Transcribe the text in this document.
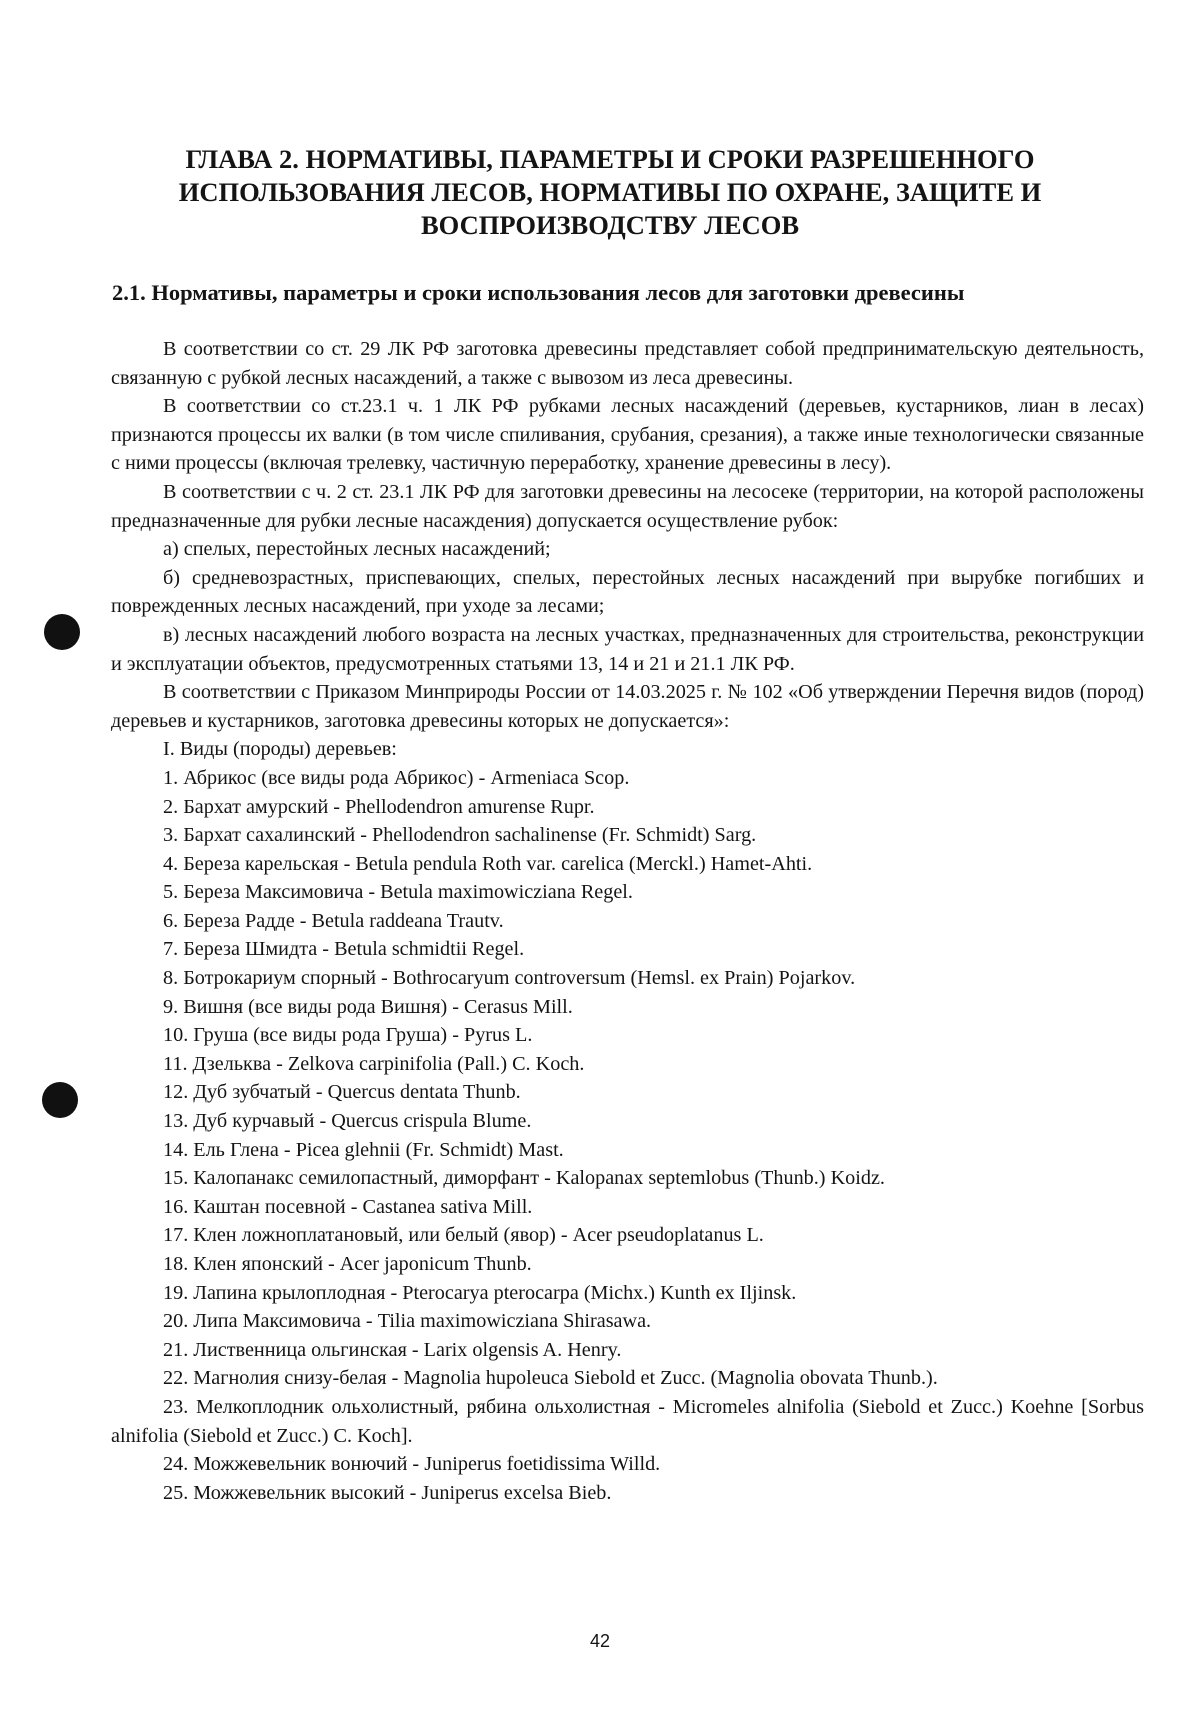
ГЛАВА 2. НОРМАТИВЫ, ПАРАМЕТРЫ И СРОКИ РАЗРЕШЕННОГО
ИСПОЛЬЗОВАНИЯ ЛЕСОВ, НОРМАТИВЫ ПО ОХРАНЕ, ЗАЩИТЕ И
ВОСПРОИЗВОДСТВУ ЛЕСОВ
2.1. Нормативы, параметры и сроки использования лесов для заготовки древесины

В соответствии со ст. 29 ЛК РФ заготовка древесины представляет собой предпринимательскую деятельность, связанную с рубкой лесных насаждений, а также с вывозом из леса древесины.

В соответствии со ст.23.1 ч. 1 ЛК РФ рубками лесных насаждений (деревьев, кустарников, лиан в лесах) признаются процессы их валки (в том числе спиливания, срубания, срезания), а также иные технологически связанные с ними процессы (включая трелевку, частичную переработку, хранение древесины в лесу).

В соответствии с ч. 2 ст. 23.1 ЛК РФ для заготовки древесины на лесосеке (территории, на которой расположены предназначенные для рубки лесные насаждения) допускается осуществление рубок:

а) спелых, перестойных лесных насаждений;

б) средневозрастных, приспевающих, спелых, перестойных лесных насаждений при вырубке погибших и поврежденных лесных насаждений, при уходе за лесами;

в) лесных насаждений любого возраста на лесных участках, предназначенных для строительства, реконструкции и эксплуатации объектов, предусмотренных статьями 13, 14 и 21 и 21.1 ЛК РФ.

В соответствии с Приказом Минприроды России от 14.03.2025 г. № 102 «Об утверждении Перечня видов (пород) деревьев и кустарников, заготовка древесины которых не допускается»:

I. Виды (породы) деревьев:

1. Абрикос (все виды рода Абрикос) - Armeniaca Scop.
2. Бархат амурский - Phellodendron amurense Rupr.
3. Бархат сахалинский - Phellodendron sachalinense (Fr. Schmidt) Sarg.
4. Береза карельская - Betula pendula Roth var. carelica (Merckl.) Hamet-Ahti.
5. Береза Максимовича - Betula maximowicziana Regel.
6. Береза Радде - Betula raddeana Trautv.
7. Береза Шмидта - Betula schmidtii Regel.
8. Ботрокариум спорный - Bothrocaryum controversum (Hemsl. ex Prain) Pojarkov.
9. Вишня (все виды рода Вишня) - Cerasus Mill.
10. Груша (все виды рода Груша) - Pyrus L.
11. Дзельква - Zelkova carpinifolia (Pall.) C. Koch.
12. Дуб зубчатый - Quercus dentata Thunb.
13. Дуб курчавый - Quercus crispula Blume.
14. Ель Глена - Picea glehnii (Fr. Schmidt) Mast.
15. Калопанакс семилопастный, диморфант - Kalopanax septemlobus (Thunb.) Koidz.
16. Каштан посевной - Castanea sativa Mill.
17. Клен ложноплатановый, или белый (явор) - Acer pseudoplatanus L.
18. Клен японский - Acer japonicum Thunb.
19. Лапина крылоплодная - Pterocarya pterocarpa (Michx.) Kunth ex Iljinsk.
20. Липа Максимовича - Tilia maximowicziana Shirasawa.
21. Лиственница ольгинская - Larix olgensis A. Henry.
22. Магнолия снизу-белая - Magnolia hupoleuca Siebold et Zucc. (Magnolia obovata Thunb.).
23. Мелкоплодник ольхолистный, рябина ольхолистная - Micromeles alnifolia (Siebold et Zucc.) Koehne [Sorbus alnifolia (Siebold et Zucc.) C. Koch].
24. Можжевельник вонючий - Juniperus foetidissima Willd.
25. Можжевельник высокий - Juniperus excelsa Bieb.
42
